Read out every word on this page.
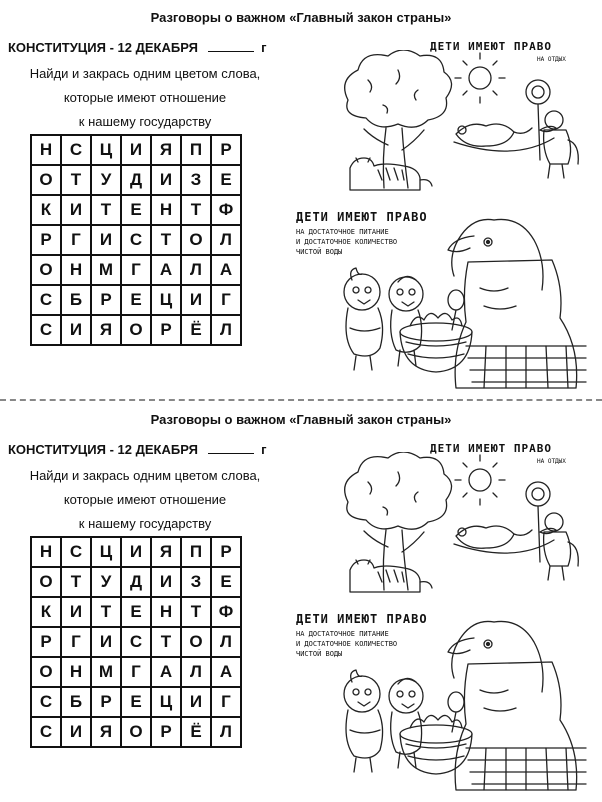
Разговоры о важном «Главный закон страны»
КОНСТИТУЦИЯ - 12 ДЕКАБРЯ	г
Найди и закрась одним цветом слова,
которые имеют отношение
к нашему государству
Н	С	Ц	И	Я	П	Р
О	Т	У	Д	И	З	Е
К	И	Т	Е	Н	Т	Ф
Р	Г	И	С	Т	О	Л
О	Н	М	Г	А	Л	А
С	Б	Р	Е	Ц	И	Г
С	И	Я	О	Р	Ё	Л
ДЕТИ ИМЕЮТ ПРАВО
НА ОТДЫХ
ДЕТИ ИМЕЮТ ПРАВО
НА ДОСТАТОЧНОЕ ПИТАНИЕ
И ДОСТАТОЧНОЕ КОЛИЧЕСТВО
ЧИСТОЙ ВОДЫ
Разговоры о важном «Главный закон страны»
КОНСТИТУЦИЯ - 12 ДЕКАБРЯ	г
Найди и закрась одним цветом слова,
которые имеют отношение
к нашему государству
Н	С	Ц	И	Я	П	Р
О	Т	У	Д	И	З	Е
К	И	Т	Е	Н	Т	Ф
Р	Г	И	С	Т	О	Л
О	Н	М	Г	А	Л	А
С	Б	Р	Е	Ц	И	Г
С	И	Я	О	Р	Ё	Л
ДЕТИ ИМЕЮТ ПРАВО
НА ОТДЫХ
ДЕТИ ИМЕЮТ ПРАВО
НА ДОСТАТОЧНОЕ ПИТАНИЕ
И ДОСТАТОЧНОЕ КОЛИЧЕСТВО
ЧИСТОЙ ВОДЫ
